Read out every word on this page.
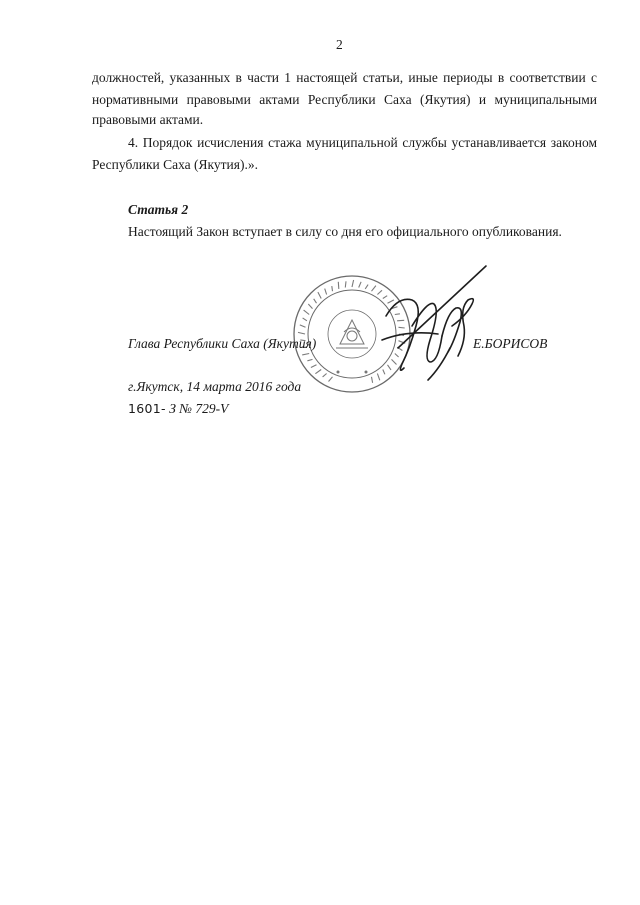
2
должностей, указанных в части 1 настоящей статьи, иные периоды в соответствии с
нормативными правовыми актами Республики Саха (Якутия) и муниципальными
правовыми актами.
4. Порядок исчисления стажа муниципальной службы устанавливается законом
Республики Саха (Якутия).».
Статья 2
Настоящий Закон вступает в силу со дня его официального опубликования.
Глава Республики Саха (Якутия)	Е.БОРИСОВ
г.Якутск, 14 марта 2016 года
1601- З № 729-V
